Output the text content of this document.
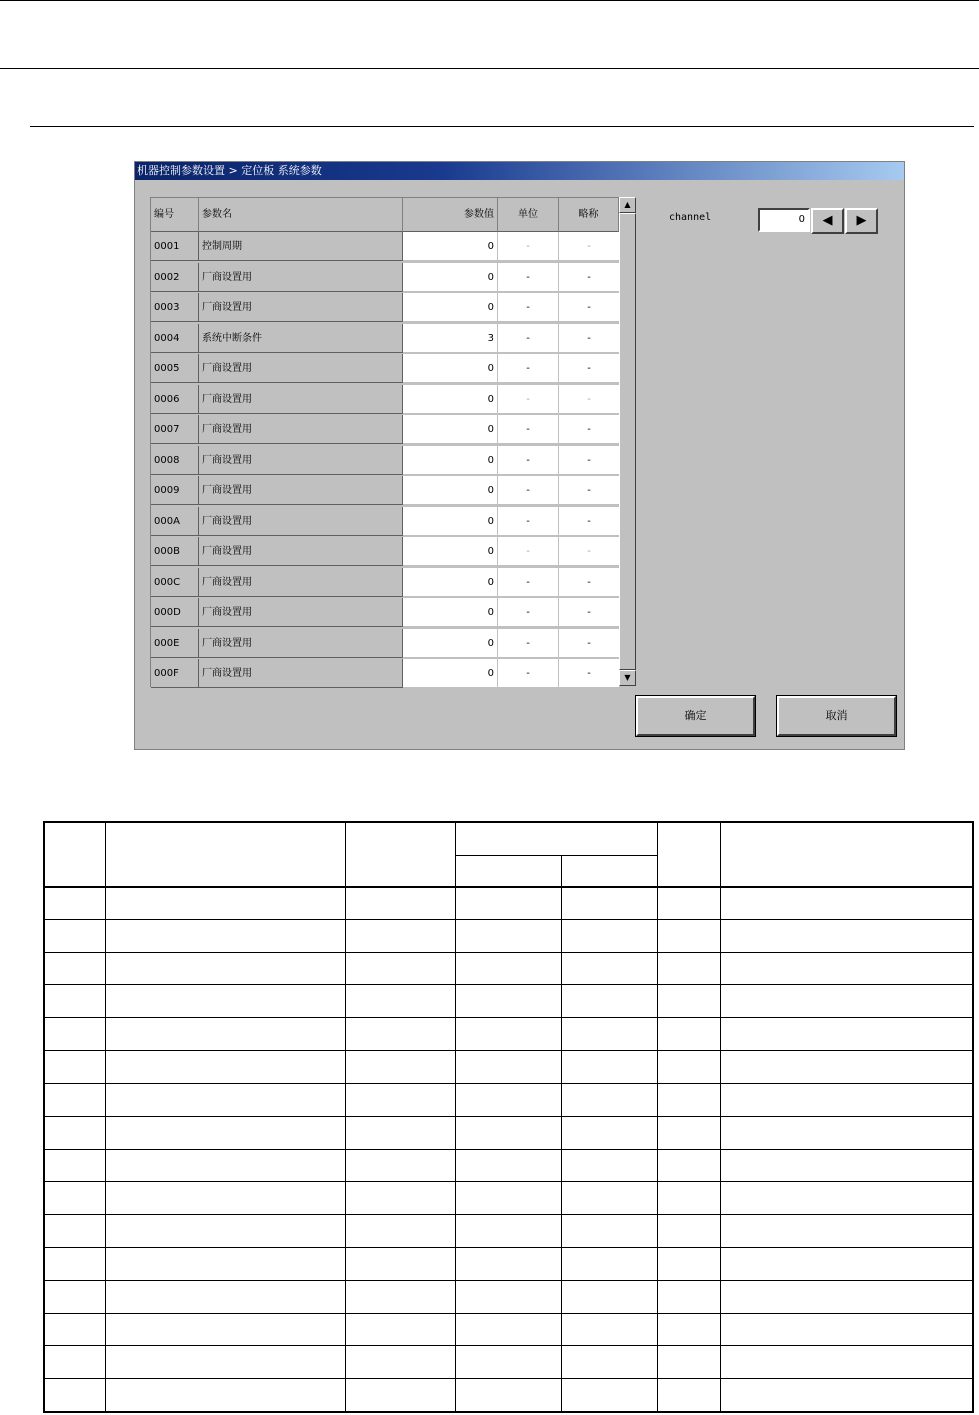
机器控制参数设置 > 定位板 系统参数
编号	参数名	参数值	单位	略称
0001	控制周期	0	-	-
0002	厂商设置用	0	-	-
0003	厂商设置用	0	-	-
0004	系统中断条件	3	-	-
0005	厂商设置用	0	-	-
0006	厂商设置用	0	-	-
0007	厂商设置用	0	-	-
0008	厂商设置用	0	-	-
0009	厂商设置用	0	-	-
000A	厂商设置用	0	-	-
000B	厂商设置用	0	-	-
000C	厂商设置用	0	-	-
000D	厂商设置用	0	-	-
000E	厂商设置用	0	-	-
000F	厂商设置用	0	-	-
▲
▼
channel	0	◀	▶
确定	取消
